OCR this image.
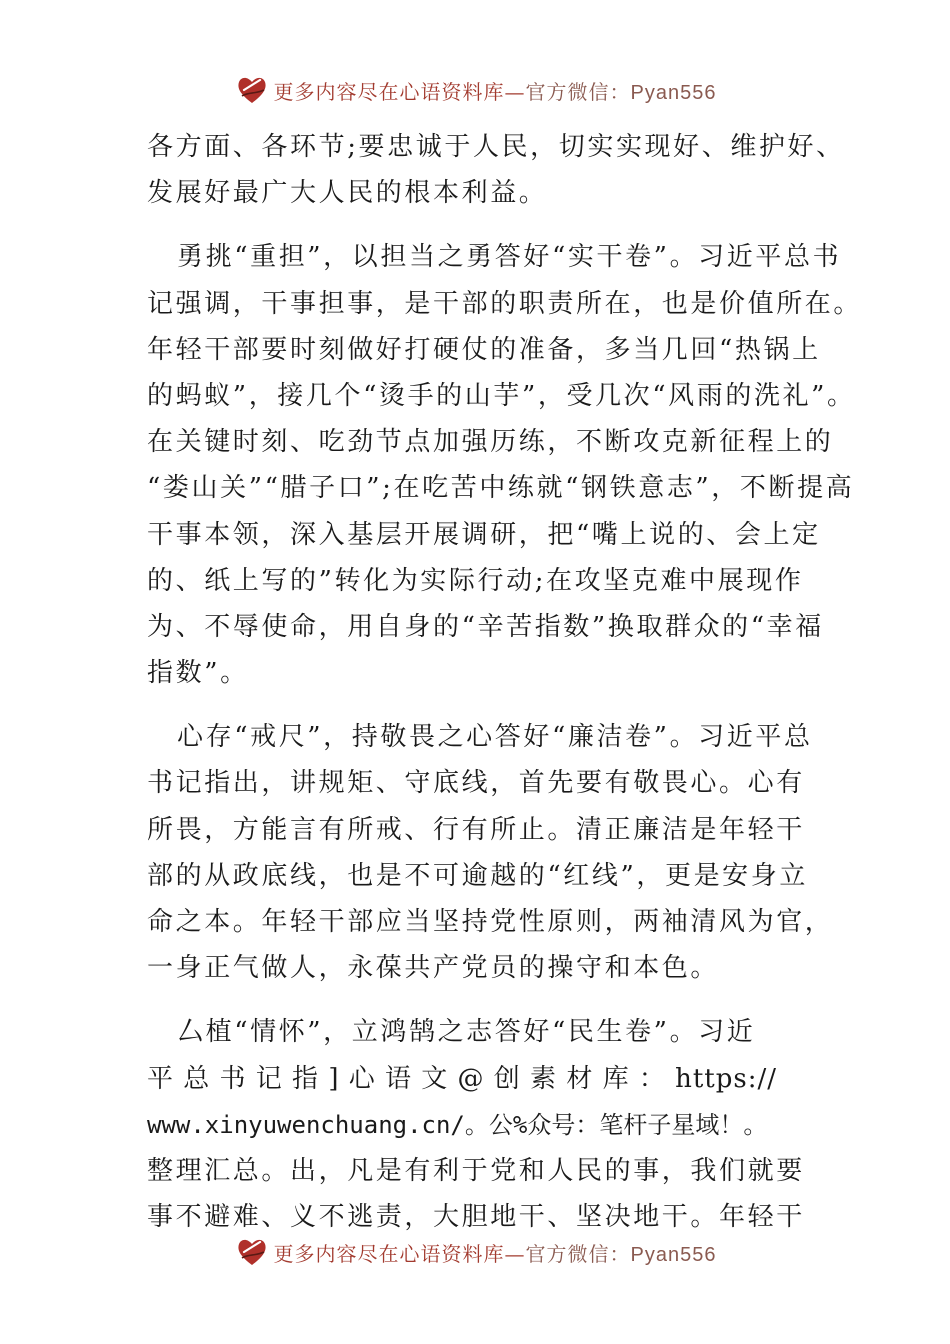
更多内容尽在心语资料库—官方微信：Pyan556
各方面、各环节;要忠诚于人民，切实实现好、维护好、
发展好最广大人民的根本利益。
勇挑“重担”，以担当之勇答好“实干卷”。习近平总书
记强调，干事担事，是干部的职责所在，也是价值所在。
年轻干部要时刻做好打硬仗的准备，多当几回“热锅上
的蚂蚁”，接几个“烫手的山芋”，受几次“风雨的洗礼”。
在关键时刻、吃劲节点加强历练，不断攻克新征程上的
“娄山关”“腊子口”;在吃苦中练就“钢铁意志”，不断提高
干事本领，深入基层开展调研，把“嘴上说的、会上定
的、纸上写的”转化为实际行动;在攻坚克难中展现作
为、不辱使命，用自身的“辛苦指数”换取群众的“幸福
指数”。
心存“戒尺”，持敬畏之心答好“廉洁卷”。习近平总
书记指出，讲规矩、守底线，首先要有敬畏心。心有
所畏，方能言有所戒、行有所止。清正廉洁是年轻干
部的从政底线，也是不可逾越的“红线”，更是安身立
命之本。年轻干部应当坚持党性原则，两袖清风为官，
一身正气做人，永葆共产党员的操守和本色。
厶植“情怀”，立鸿鹄之志答好“民生卷”。习近
平 总 书 记 指 ] 心 语 文 @ 创 素 材 库 ： https://
www.xinyuwenchuang.cn/。公%众号：笔杆子星域！。
整理汇总。出，凡是有利于党和人民的事，我们就要
事不避难、义不逃责，大胆地干、坚决地干。年轻干
更多内容尽在心语资料库—官方微信：Pyan556
